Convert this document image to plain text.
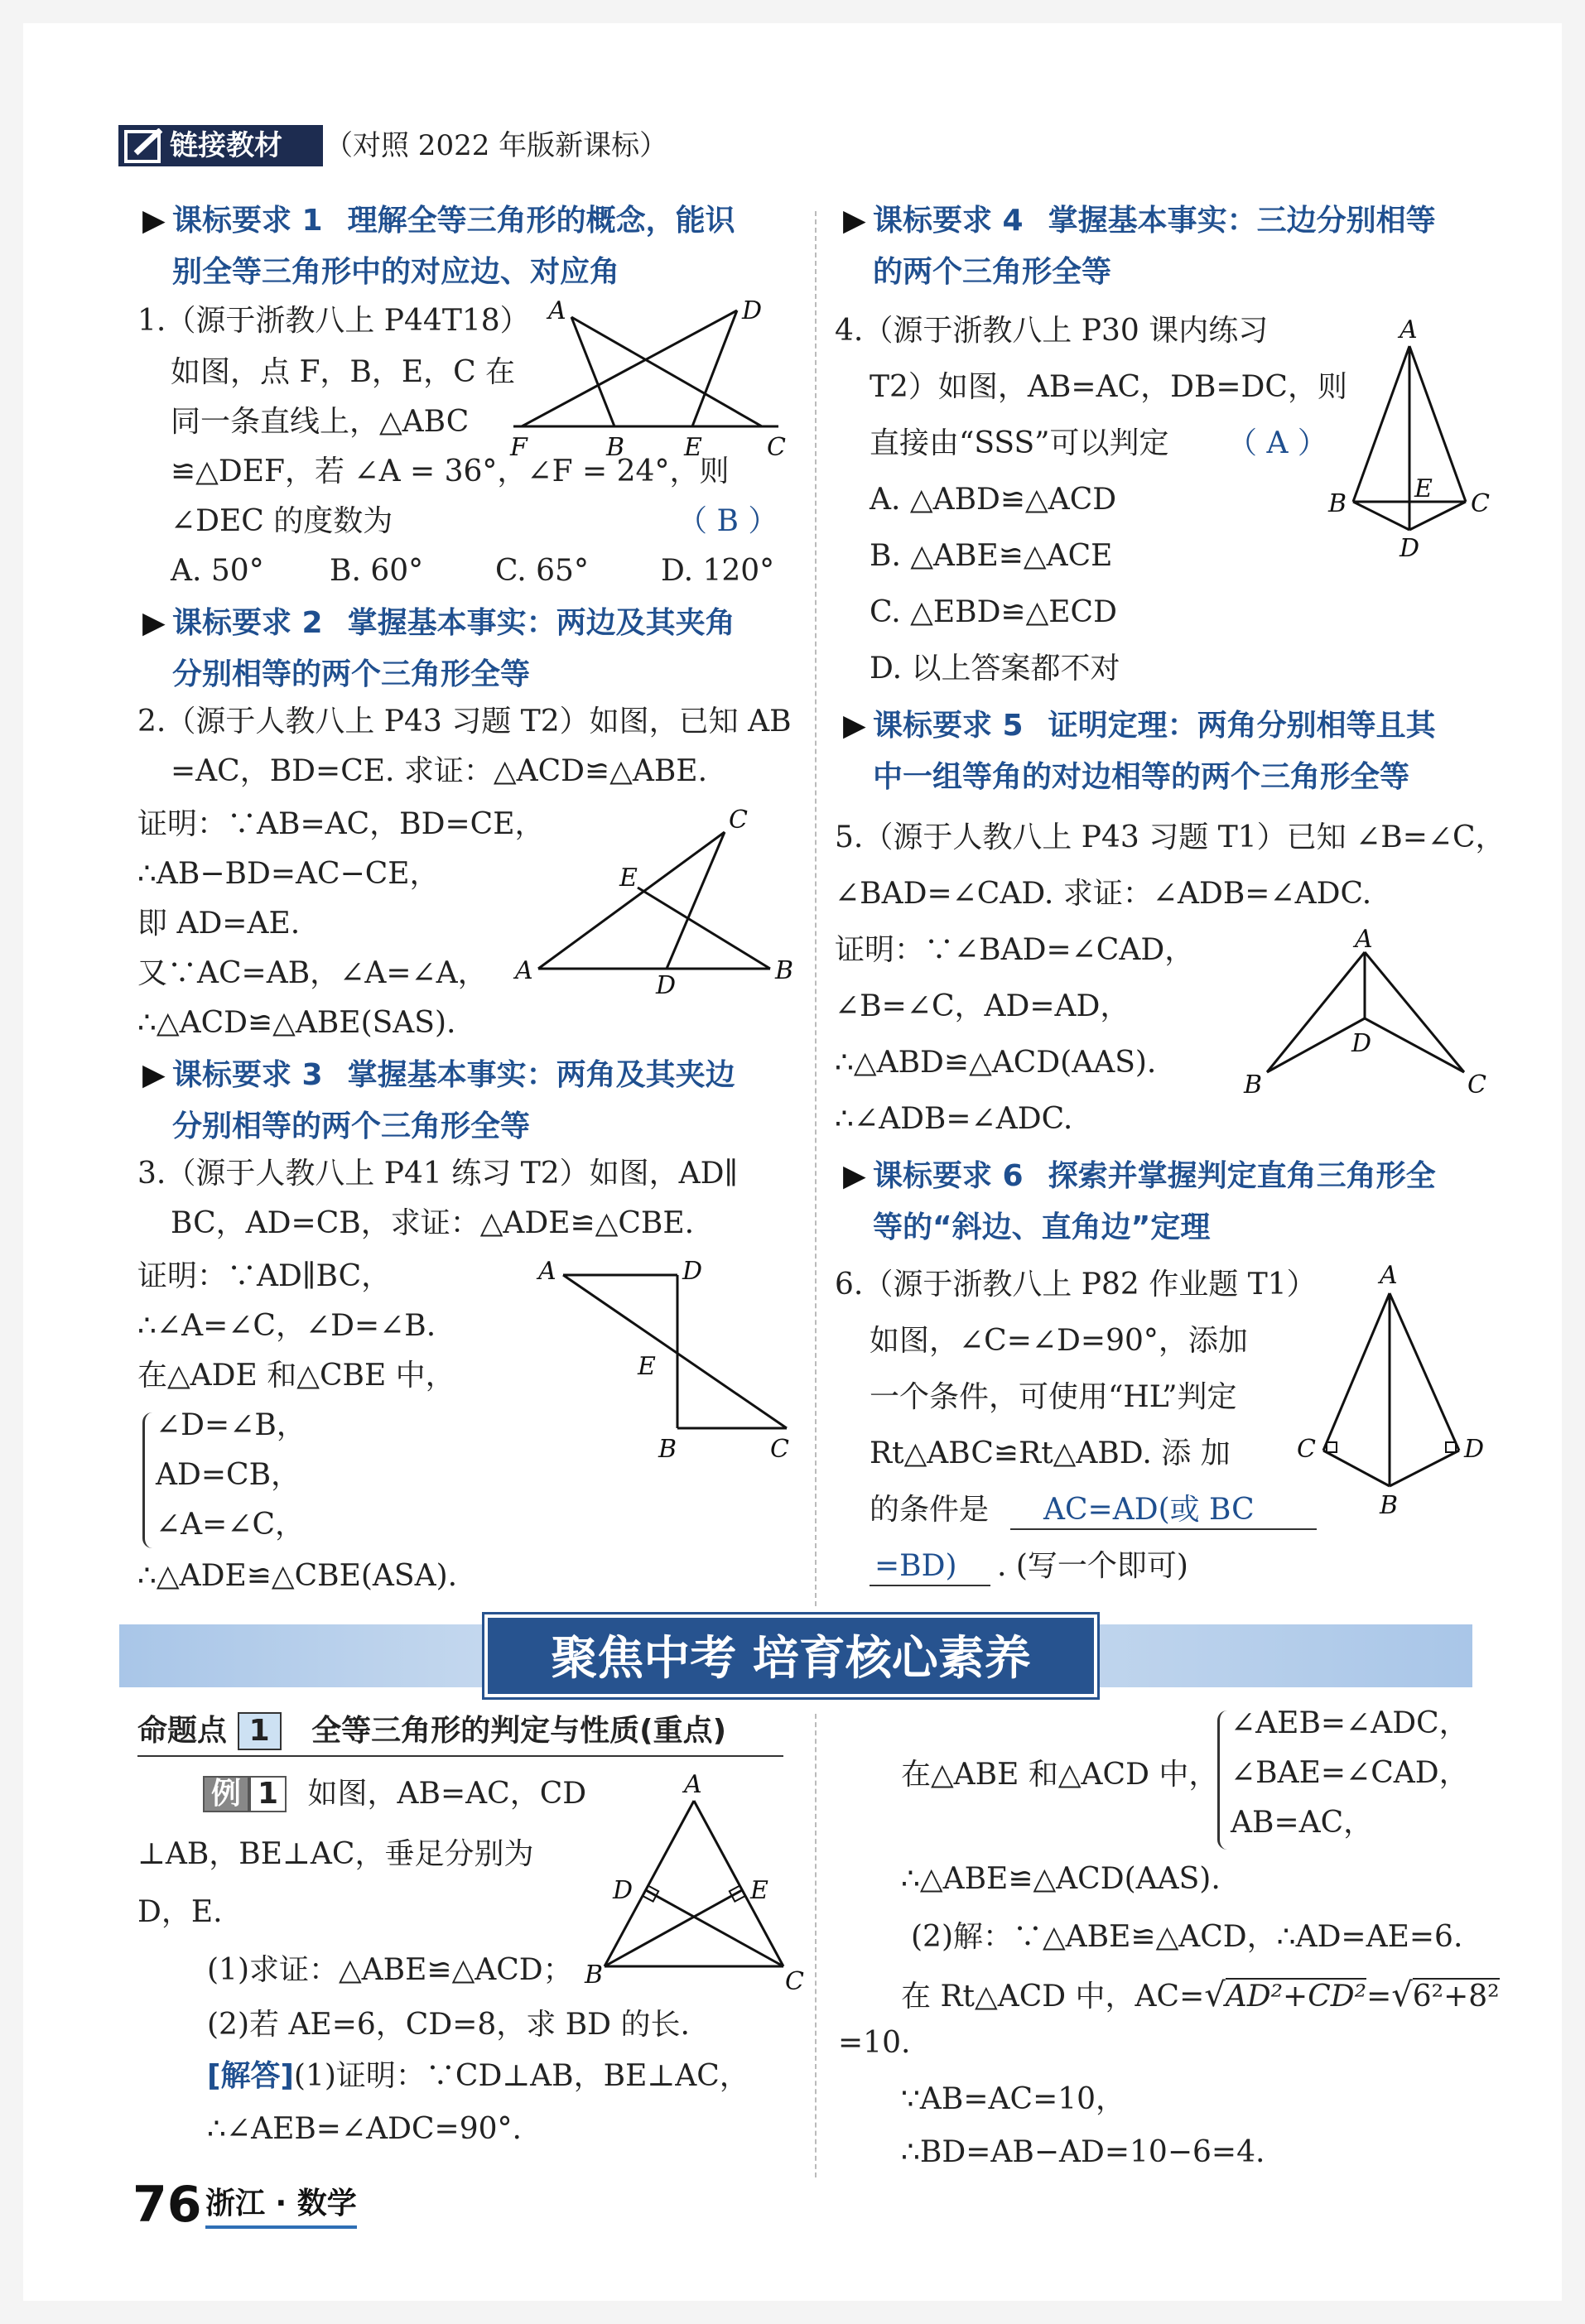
链接教材	（对照 2022 年版新课标）
▶ 课标要求 1 理解全等三角形的概念，能识
别全等三角形中的对应边、对应角
1.（源于浙教八上 P44T18）
如图，点 F，B，E，C 在
同一条直线上，△ABC
≌△DEF，若 ∠A = 36°，∠F = 24°，则
∠DEC 的度数为	（ B ）
A. 50° B. 60° C. 65° D. 120°
A	D
F	B E	C
▶ 课标要求 2 掌握基本事实：两边及其夹角
分别相等的两个三角形全等
2.（源于人教八上 P43 习题 T2）如图，已知 AB
=AC，BD=CE. 求证：△ACD≌△ABE.
证明：∵AB=AC，BD=CE，
∴AB−BD=AC−CE，
即 AD=AE.
又∵AC=AB，∠A=∠A，
∴△ACD≌△ABE(SAS).
A
C
E
D
B
▶ 课标要求 3 掌握基本事实：两角及其夹边
分别相等的两个三角形全等
3.（源于人教八上 P41 练习 T2）如图，AD∥
BC，AD=CB，求证：△ADE≌△CBE.
证明：∵AD∥BC，
∴∠A=∠C，∠D=∠B.
在△ADE 和△CBE 中，
∠D=∠B，
AD=CB，
∠A=∠C，
∴△ADE≌△CBE(ASA).
A	D
E
B	C
▶ 课标要求 4 掌握基本事实：三边分别相等
的两个三角形全等
4.（源于浙教八上 P30 课内练习
T2）如图，AB=AC，DB=DC，则
直接由“SSS”可以判定 （ A ）
A. △ABD≌△ACD
B. △ABE≌△ACE
C. △EBD≌△ECD
D. 以上答案都不对
A
B	C
E
D
▶ 课标要求 5 证明定理：两角分别相等且其
中一组等角的对边相等的两个三角形全等
5.（源于人教八上 P43 习题 T1）已知 ∠B=∠C，
∠BAD=∠CAD. 求证：∠ADB=∠ADC.
证明：∵∠BAD=∠CAD，
∠B=∠C，AD=AD，
∴△ABD≌△ACD(AAS).
∴∠ADB=∠ADC.
A
B	C
D
▶ 课标要求 6 探索并掌握判定直角三角形全
等的“斜边、直角边”定理
6.（源于浙教八上 P82 作业题 T1）
如图，∠C=∠D=90°，添加
一个条件，可使用“HL”判定
Rt△ABC≌Rt△ABD. 添 加
的条件是	AC=AD(或 BC
=BD)	. (写一个即可)
A
C	D
B
聚焦中考 培育核心素养
命题点 1 全等三角形的判定与性质(重点)
例 1 如图，AB=AC，CD
⊥AB，BE⊥AC，垂足分别为
D，E.
(1)求证：△ABE≌△ACD；
(2)若 AE=6，CD=8，求 BD 的长.
[解答](1)证明：∵CD⊥AB，BE⊥AC，
∴∠AEB=∠ADC=90°.
A
D	E
B	C
在△ABE 和△ACD 中，
∠AEB=∠ADC，
∠BAE=∠CAD，
AB=AC，
∴△ABE≌△ACD(AAS).
(2)解：∵△ABE≌△ACD，∴AD=AE=6.
在 Rt△ACD 中，AC=√AD²+CD²=√6²+8²
=10.
∵AB=AC=10，
∴BD=AB−AD=10−6=4.
76 浙江 · 数学
